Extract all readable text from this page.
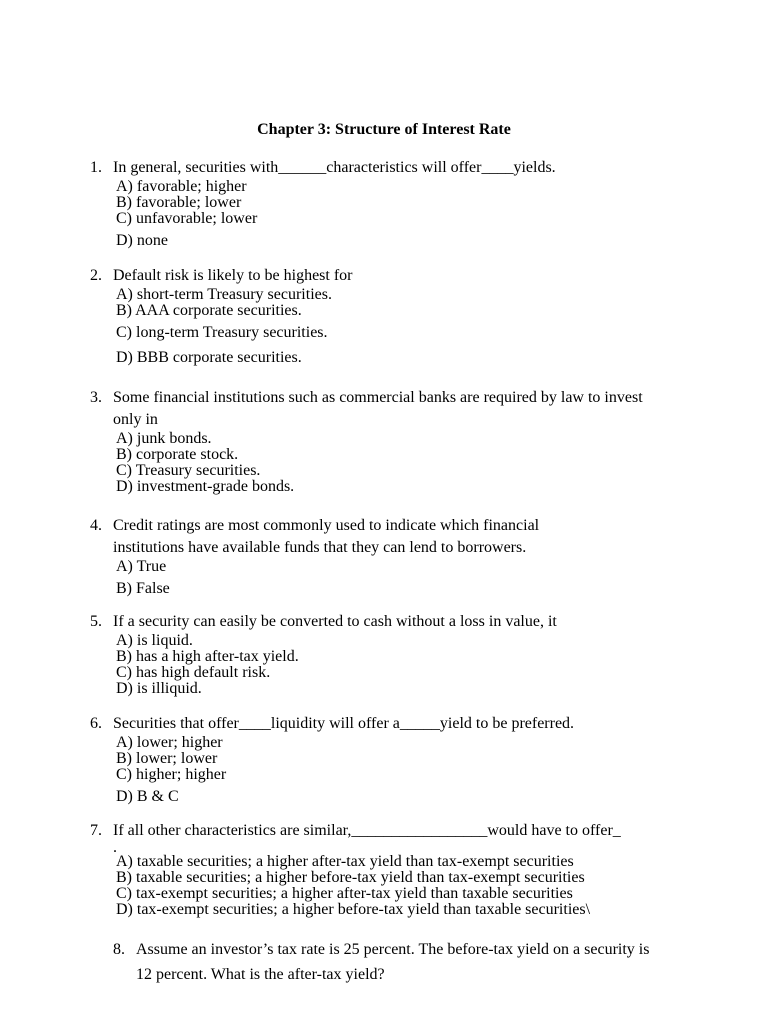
Chapter 3: Structure of Interest Rate
1. In general, securities with______characteristics will offer____yields.
A) favorable; higher
B) favorable; lower
C) unfavorable; lower
D) none
2. Default risk is likely to be highest for
A) short-term Treasury securities.
B) AAA corporate securities.
C) long-term Treasury securities.
D) BBB corporate securities.
3. Some financial institutions such as commercial banks are required by law to invest only in
A) junk bonds.
B) corporate stock.
C) Treasury securities.
D) investment-grade bonds.
4. Credit ratings are most commonly used to indicate which financial institutions have available funds that they can lend to borrowers.
A) True
B) False
5. If a security can easily be converted to cash without a loss in value, it
A) is liquid.
B) has a high after-tax yield.
C) has high default risk.
D) is illiquid.
6. Securities that offer____liquidity will offer a_____yield to be preferred.
A) lower; higher
B) lower; lower
C) higher; higher
D) B & C
7. If all other characteristics are similar,_________________would have to offer_
.
A) taxable securities; a higher after-tax yield than tax-exempt securities
B) taxable securities; a higher before-tax yield than tax-exempt securities
C) tax-exempt securities; a higher after-tax yield than taxable securities
D) tax-exempt securities; a higher before-tax yield than taxable securities\
8. Assume an investor’s tax rate is 25 percent. The before-tax yield on a security is 12 percent. What is the after-tax yield?
